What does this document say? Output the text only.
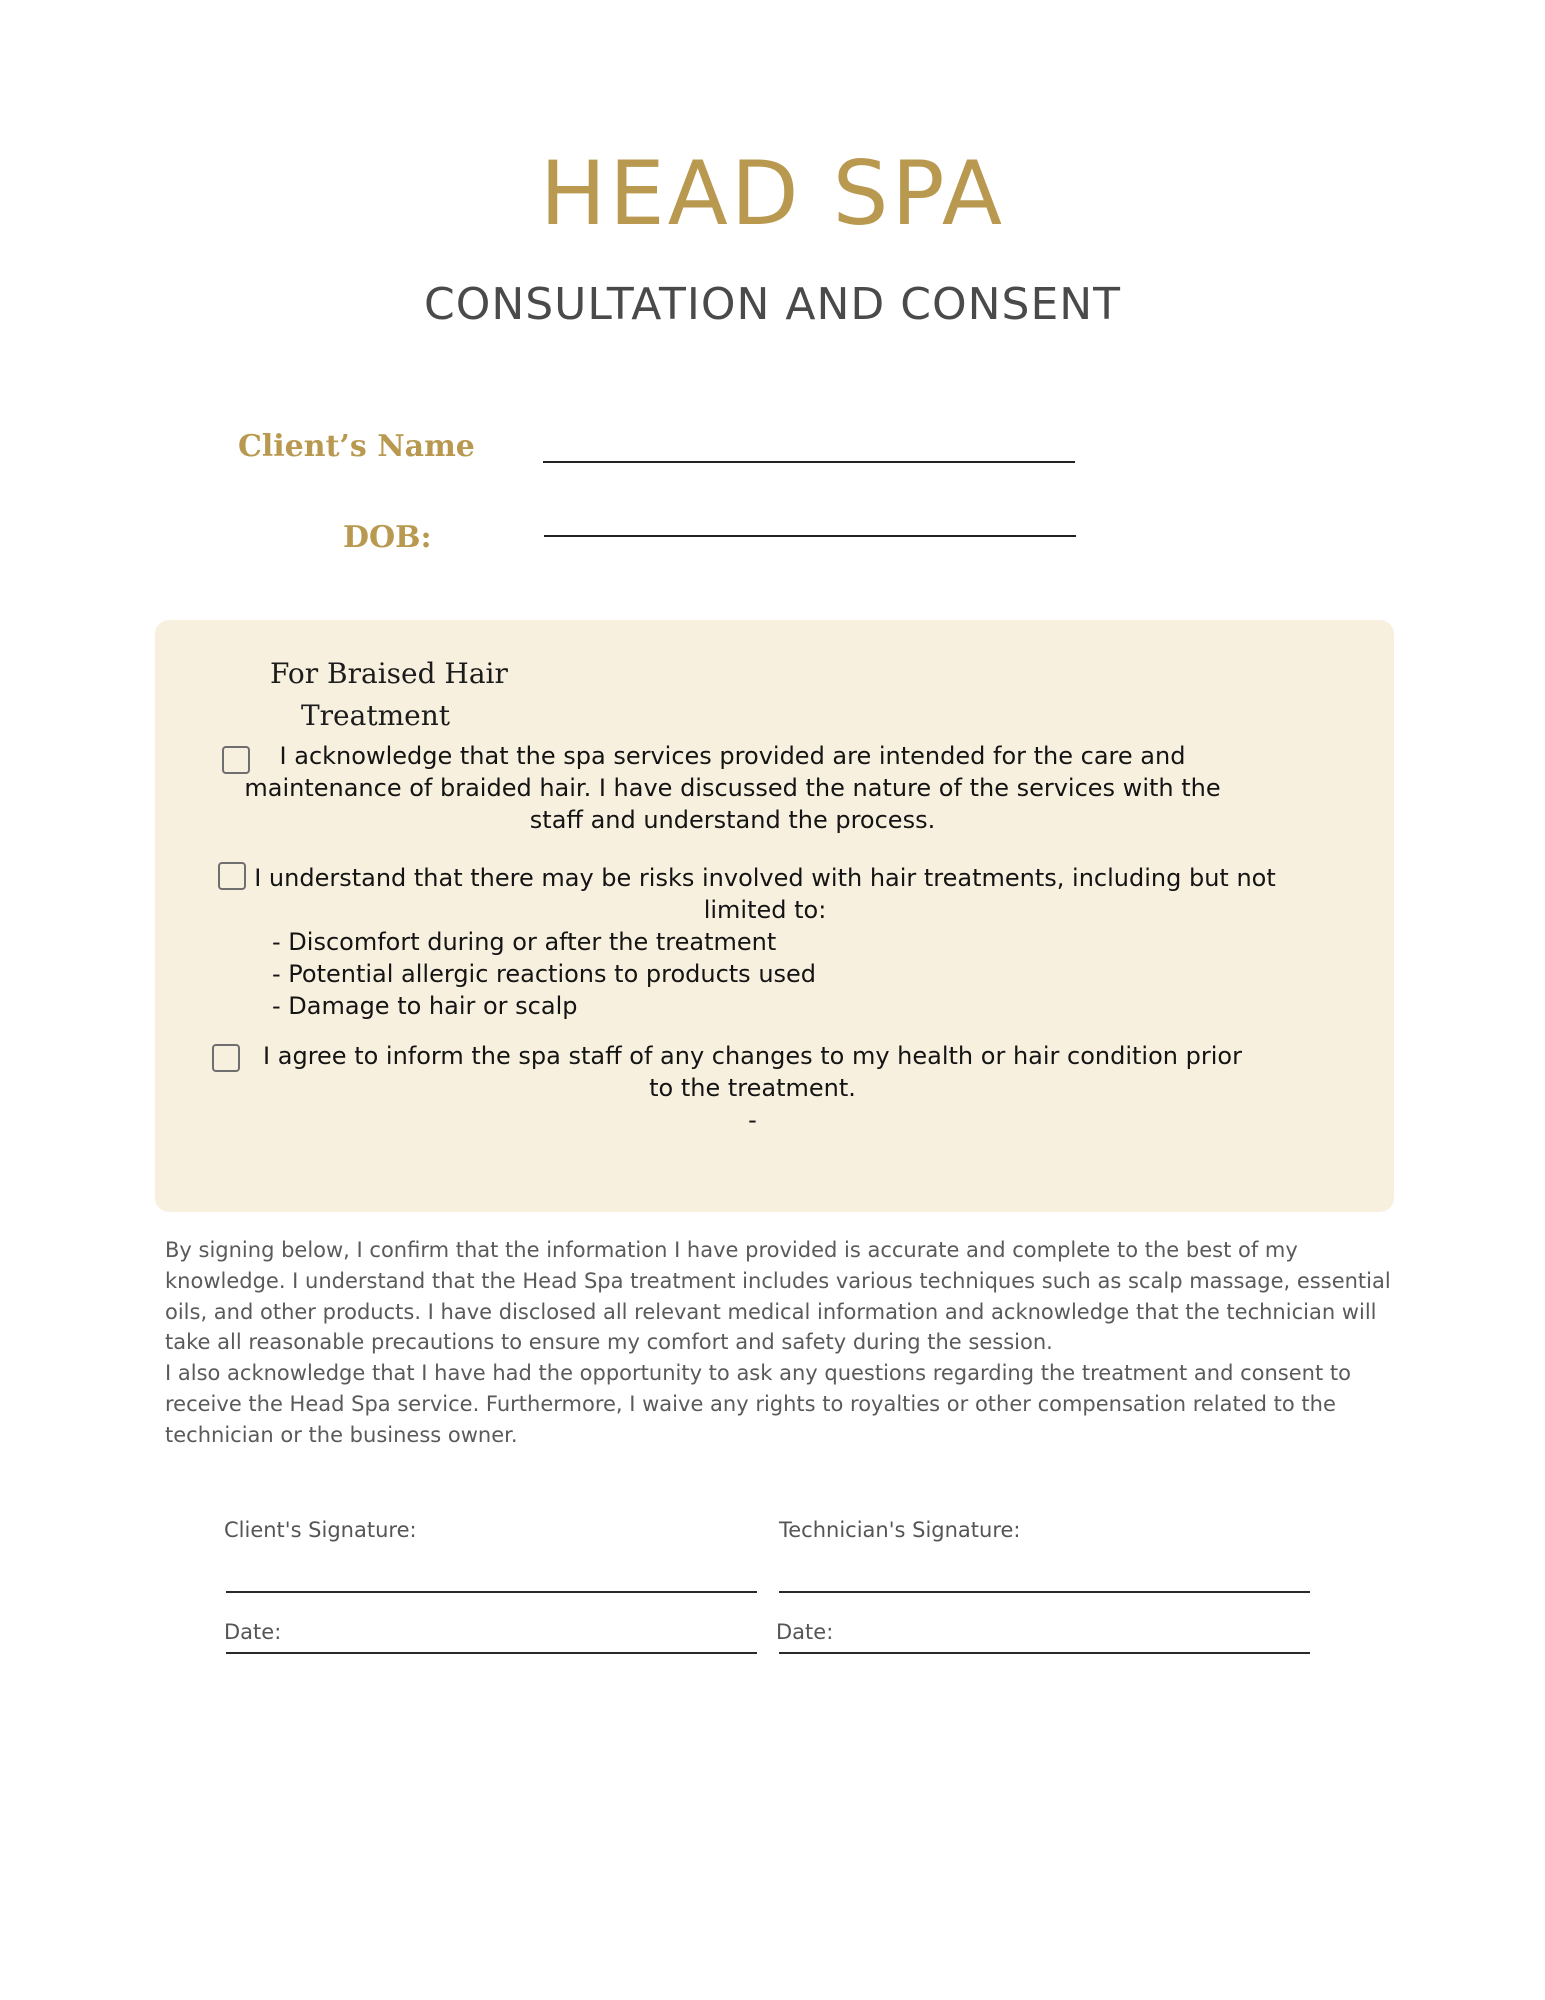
HEAD SPA
CONSULTATION AND CONSENT
Client’s Name
DOB:
For Braised Hair
Treatment
I acknowledge that the spa services provided are intended for the care and
maintenance of braided hair. I have discussed the nature of the services with the
staff and understand the process.
I understand that there may be risks involved with hair treatments, including but not
limited to:
- Discomfort during or after the treatment
- Potential allergic reactions to products used
- Damage to hair or scalp
I agree to inform the spa staff of any changes to my health or hair condition prior
to the treatment.
-

By signing below, I confirm that the information I have provided is accurate and complete to the best of my knowledge. I understand that the Head Spa treatment includes various techniques such as scalp massage, essential oils, and other products. I have disclosed all relevant medical information and acknowledge that the technician will take all reasonable precautions to ensure my comfort and safety during the session.

I also acknowledge that I have had the opportunity to ask any questions regarding the treatment and consent to receive the Head Spa service. Furthermore, I waive any rights to royalties or other compensation related to the technician or the business owner.

Client's Signature:	Technician's Signature:
Date:	Date:
